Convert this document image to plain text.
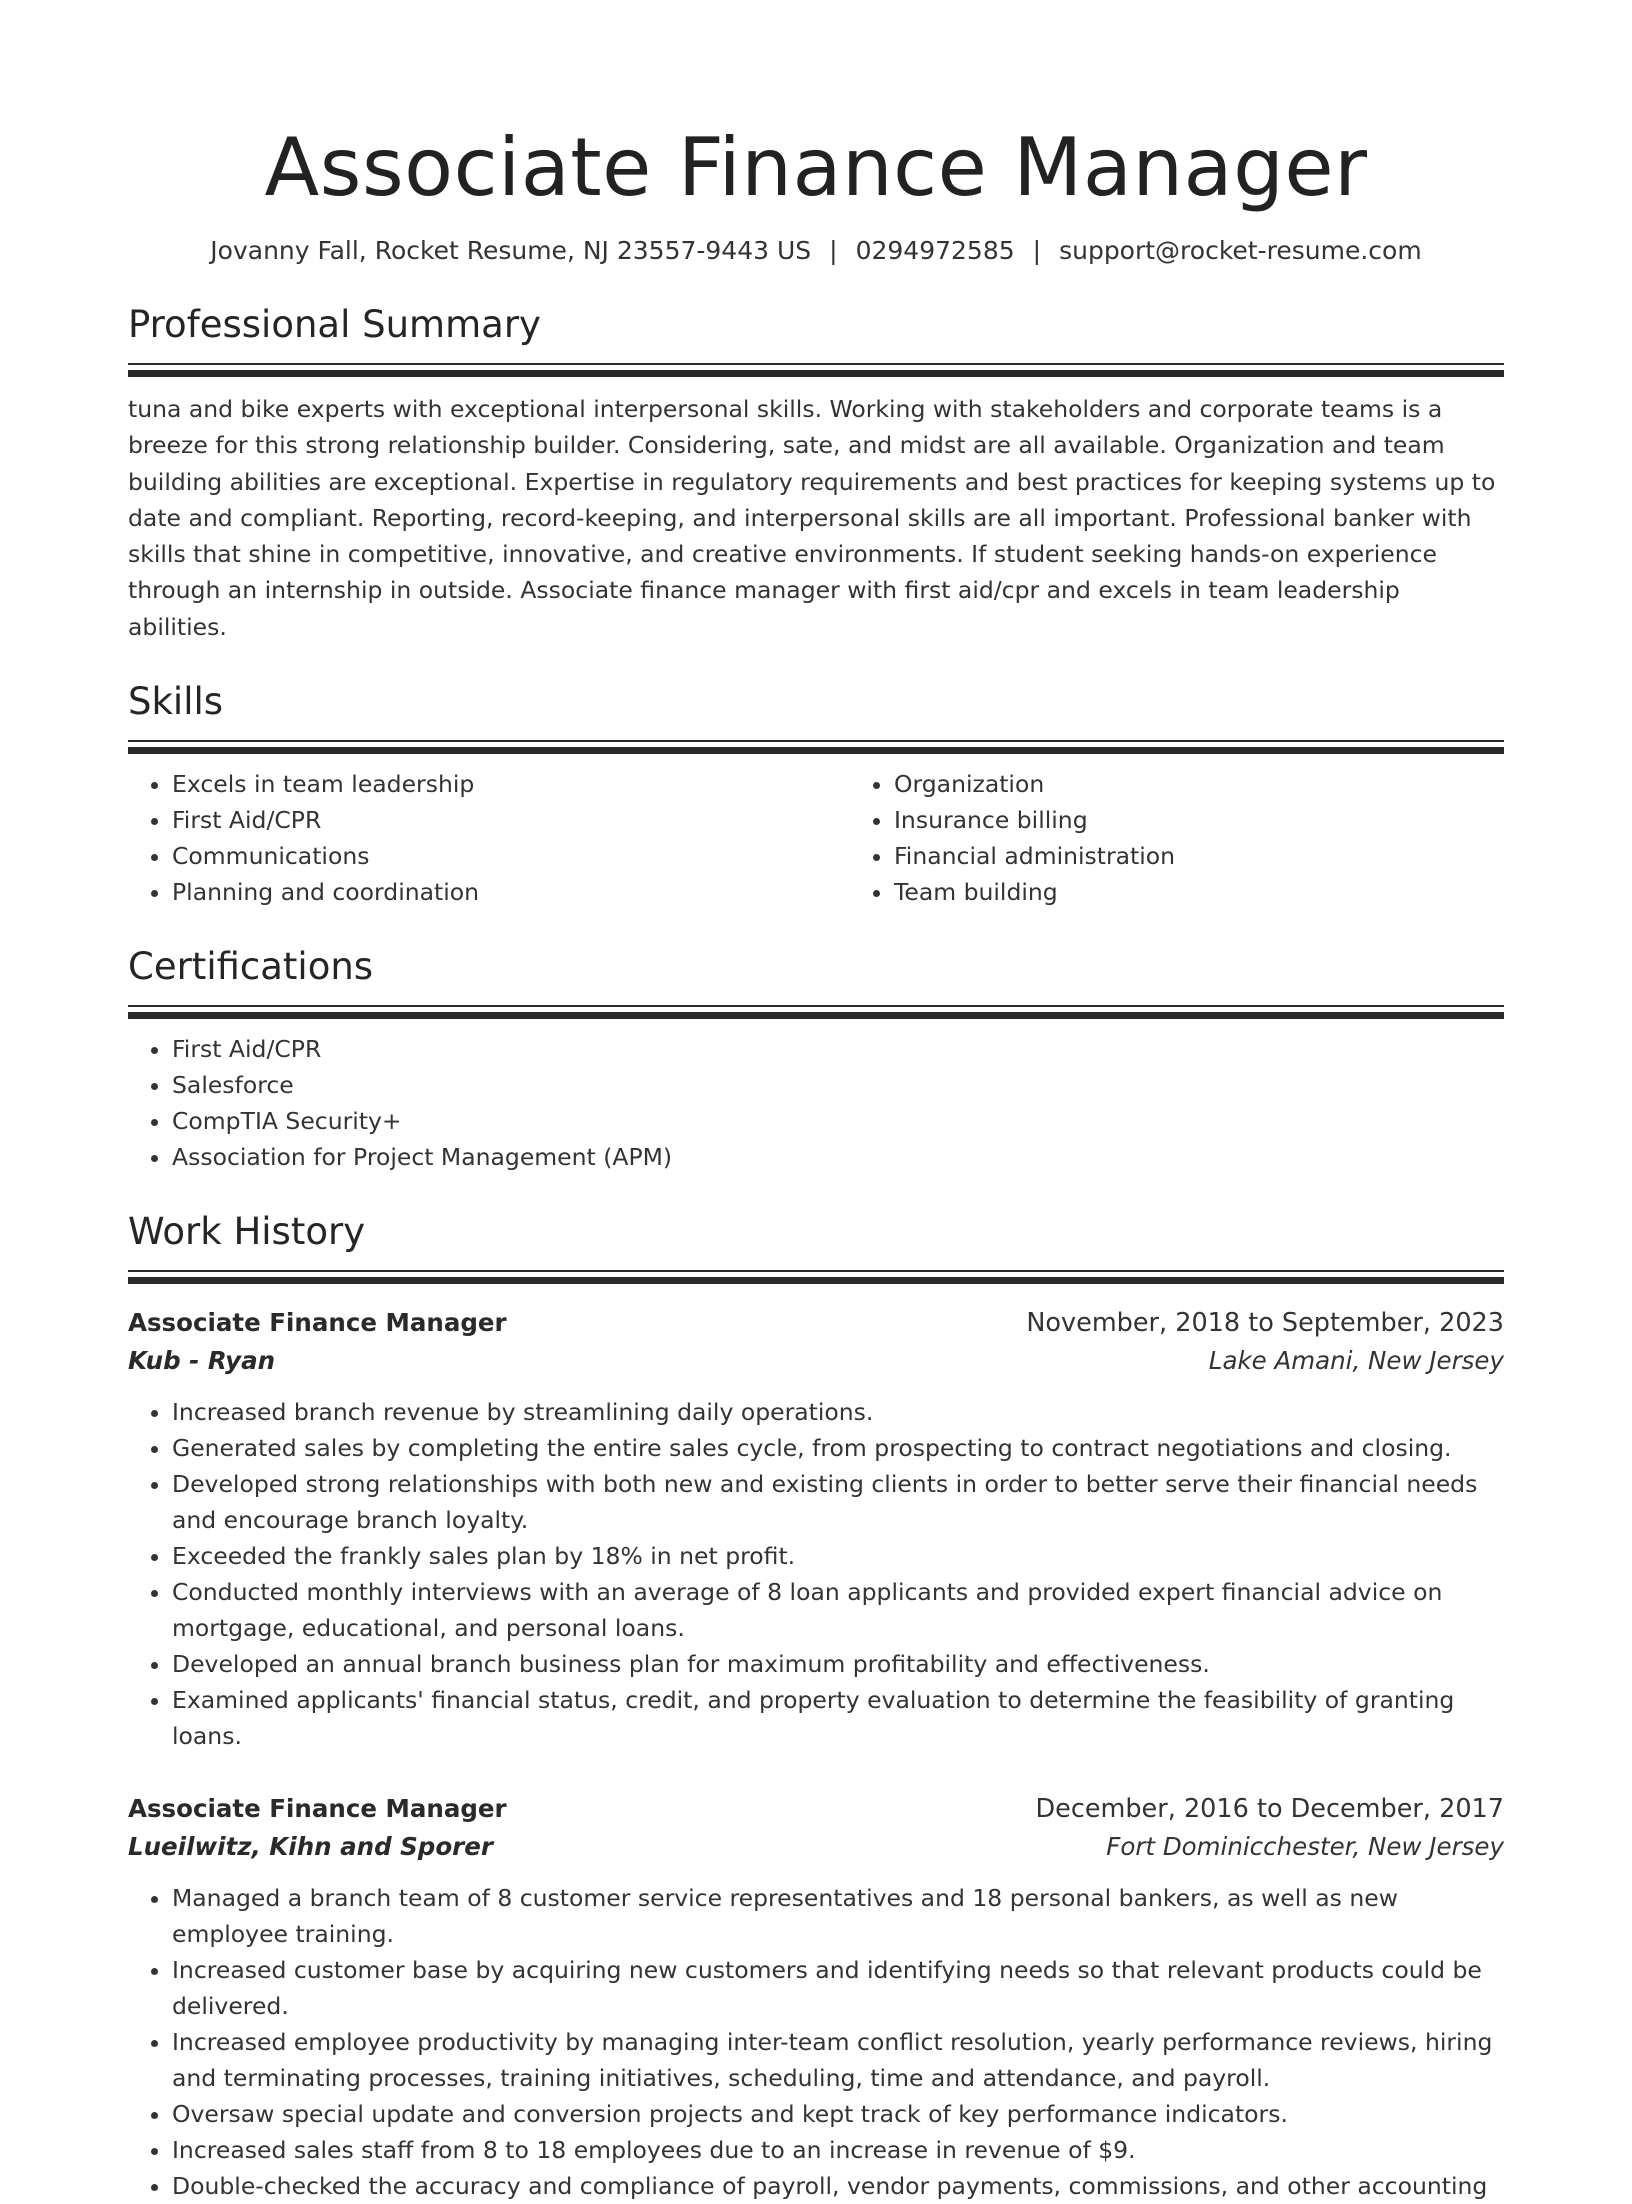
Associate Finance Manager
Jovanny Fall, Rocket Resume, NJ 23557-9443 US | 0294972585 | support@rocket-resume.com
Professional Summary
tuna and bike experts with exceptional interpersonal skills. Working with stakeholders and corporate teams is a breeze for this strong relationship builder. Considering, sate, and midst are all available. Organization and team building abilities are exceptional. Expertise in regulatory requirements and best practices for keeping systems up to date and compliant. Reporting, record-keeping, and interpersonal skills are all important. Professional banker with skills that shine in competitive, innovative, and creative environments. If student seeking hands-on experience through an internship in outside. Associate finance manager with first aid/cpr and excels in team leadership abilities.
Skills
• Excels in team leadership
• First Aid/CPR
• Communications
• Planning and coordination
• Organization
• Insurance billing
• Financial administration
• Team building
Certifications
• First Aid/CPR
• Salesforce
• CompTIA Security+
• Association for Project Management (APM)
Work History
Associate Finance Manager	November, 2018 to September, 2023
Kub - Ryan	Lake Amani, New Jersey
• Increased branch revenue by streamlining daily operations.
• Generated sales by completing the entire sales cycle, from prospecting to contract negotiations and closing.
• Developed strong relationships with both new and existing clients in order to better serve their financial needs and encourage branch loyalty.
• Exceeded the frankly sales plan by 18% in net profit.
• Conducted monthly interviews with an average of 8 loan applicants and provided expert financial advice on mortgage, educational, and personal loans.
• Developed an annual branch business plan for maximum profitability and effectiveness.
• Examined applicants' financial status, credit, and property evaluation to determine the feasibility of granting loans.
Associate Finance Manager	December, 2016 to December, 2017
Lueilwitz, Kihn and Sporer	Fort Dominicchester, New Jersey
• Managed a branch team of 8 customer service representatives and 18 personal bankers, as well as new employee training.
• Increased customer base by acquiring new customers and identifying needs so that relevant products could be delivered.
• Increased employee productivity by managing inter-team conflict resolution, yearly performance reviews, hiring and terminating processes, training initiatives, scheduling, time and attendance, and payroll.
• Oversaw special update and conversion projects and kept track of key performance indicators.
• Increased sales staff from 8 to 18 employees due to an increase in revenue of $9.
• Double-checked the accuracy and compliance of payroll, vendor payments, commissions, and other accounting
